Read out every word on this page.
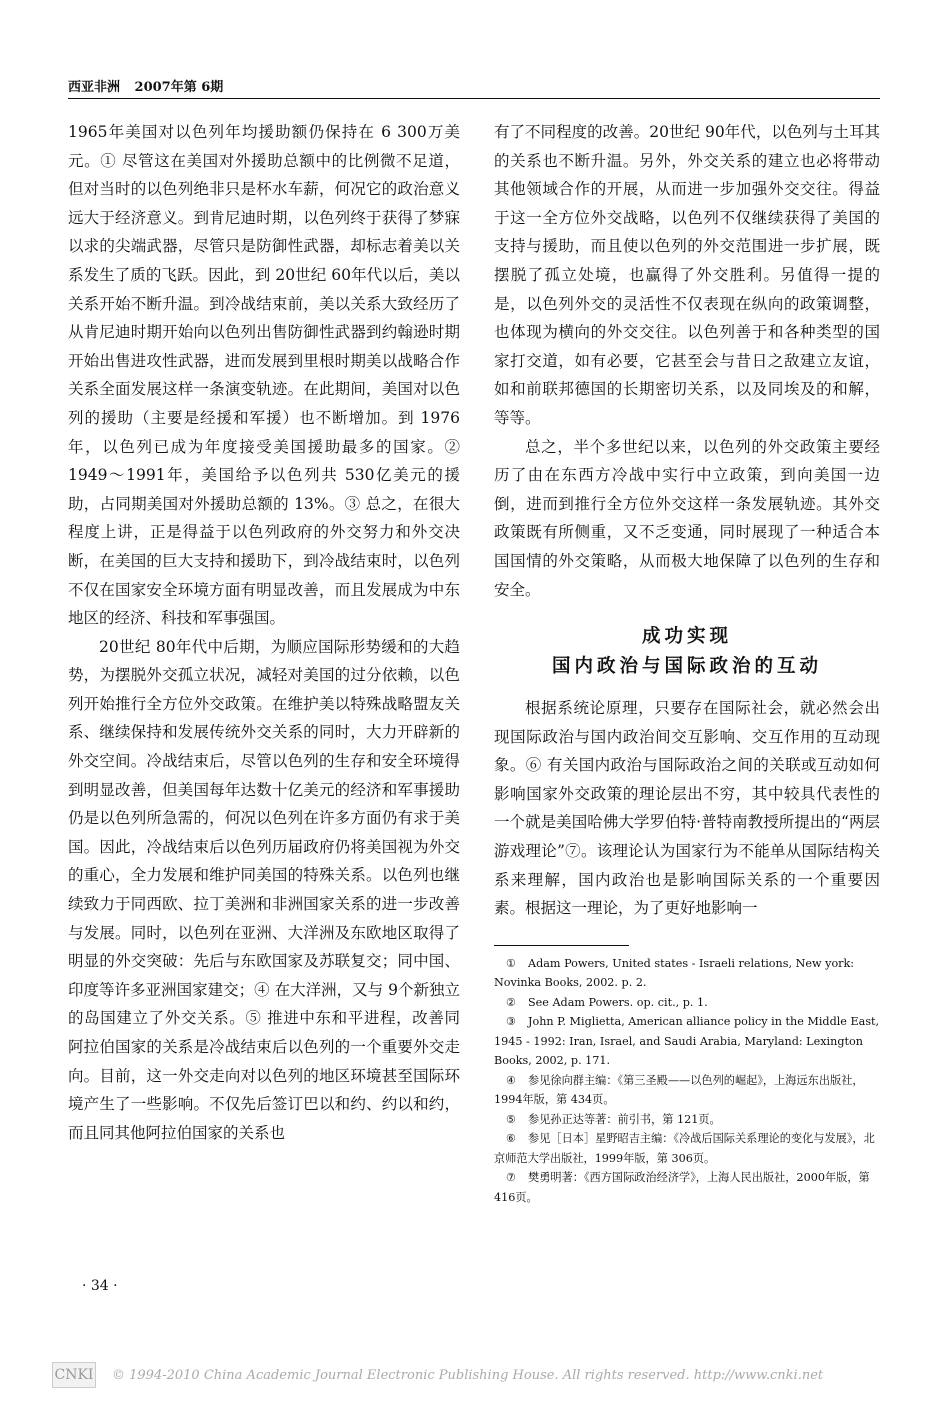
西亚非洲 2007年第 6期

1965年美国对以色列年均援助额仍保持在 6 300万美元。① 尽管这在美国对外援助总额中的比例微不足道，但对当时的以色列绝非只是杯水车薪，何况它的政治意义远大于经济意义。到肯尼迪时期，以色列终于获得了梦寐以求的尖端武器，尽管只是防御性武器，却标志着美以关系发生了质的飞跃。因此，到 20世纪 60年代以后，美以关系开始不断升温。到冷战结束前，美以关系大致经历了从肯尼迪时期开始向以色列出售防御性武器到约翰逊时期开始出售进攻性武器，进而发展到里根时期美以战略合作关系全面发展这样一条演变轨迹。在此期间，美国对以色列的援助（主要是经援和军援）也不断增加。到 1976年，以色列已成为年度接受美国援助最多的国家。② 1949～1991年，美国给予以色列共 530亿美元的援助，占同期美国对外援助总额的 13%。③ 总之，在很大程度上讲，正是得益于以色列政府的外交努力和外交决断，在美国的巨大支持和援助下，到冷战结束时，以色列不仅在国家安全环境方面有明显改善，而且发展成为中东地区的经济、科技和军事强国。

20世纪 80年代中后期，为顺应国际形势缓和的大趋势，为摆脱外交孤立状况，减轻对美国的过分依赖，以色列开始推行全方位外交政策。在维护美以特殊战略盟友关系、继续保持和发展传统外交关系的同时，大力开辟新的外交空间。冷战结束后，尽管以色列的生存和安全环境得到明显改善，但美国每年达数十亿美元的经济和军事援助仍是以色列所急需的，何况以色列在许多方面仍有求于美国。因此，冷战结束后以色列历届政府仍将美国视为外交的重心，全力发展和维护同美国的特殊关系。以色列也继续致力于同西欧、拉丁美洲和非洲国家关系的进一步改善与发展。同时，以色列在亚洲、大洋洲及东欧地区取得了明显的外交突破：先后与东欧国家及苏联复交；同中国、印度等许多亚洲国家建交；④ 在大洋洲，又与 9个新独立的岛国建立了外交关系。⑤ 推进中东和平进程，改善同阿拉伯国家的关系是冷战结束后以色列的一个重要外交走向。目前，这一外交走向对以色列的地区环境甚至国际环境产生了一些影响。不仅先后签订巴以和约、约以和约，而且同其他阿拉伯国家的关系也

有了不同程度的改善。20世纪 90年代，以色列与土耳其的关系也不断升温。另外，外交关系的建立也必将带动其他领域合作的开展，从而进一步加强外交交往。得益于这一全方位外交战略，以色列不仅继续获得了美国的支持与援助，而且使以色列的外交范围进一步扩展，既摆脱了孤立处境，也赢得了外交胜利。另值得一提的是，以色列外交的灵活性不仅表现在纵向的政策调整，也体现为横向的外交交往。以色列善于和各种类型的国家打交道，如有必要，它甚至会与昔日之敌建立友谊，如和前联邦德国的长期密切关系，以及同埃及的和解，等等。

总之，半个多世纪以来，以色列的外交政策主要经历了由在东西方冷战中实行中立政策，到向美国一边倒，进而到推行全方位外交这样一条发展轨迹。其外交政策既有所侧重，又不乏变通，同时展现了一种适合本国国情的外交策略，从而极大地保障了以色列的生存和安全。

成功实现
国内政治与国际政治的互动

根据系统论原理，只要存在国际社会，就必然会出现国际政治与国内政治间交互影响、交互作用的互动现象。⑥ 有关国内政治与国际政治之间的关联或互动如何影响国家外交政策的理论层出不穷，其中较具代表性的一个就是美国哈佛大学罗伯特·普特南教授所提出的“两层游戏理论”⑦。该理论认为国家行为不能单从国际结构关系来理解，国内政治也是影响国际关系的一个重要因素。根据这一理论，为了更好地影响一

① Adam Powers, United states - Israeli relations, New york: Novinka Books, 2002. p. 2.

② See Adam Powers. op. cit., p. 1.

③ John P. Miglietta, American alliance policy in the Middle East, 1945 - 1992: Iran, Israel, and Saudi Arabia, Maryland: Lexington Books, 2002, p. 171.

④ 参见徐向群主编：《第三圣殿——以色列的崛起》，上海远东出版社，1994年版，第 434页。

⑤ 参见孙正达等著：前引书，第 121页。

⑥ 参见［日本］星野昭吉主编：《冷战后国际关系理论的变化与发展》，北京师范大学出版社，1999年版，第 306页。

⑦ 樊勇明著：《西方国际政治经济学》，上海人民出版社，2000年版，第 416页。

· 34 ·
CNKI © 1994-2010 China Academic Journal Electronic Publishing House. All rights reserved. http://www.cnki.net
